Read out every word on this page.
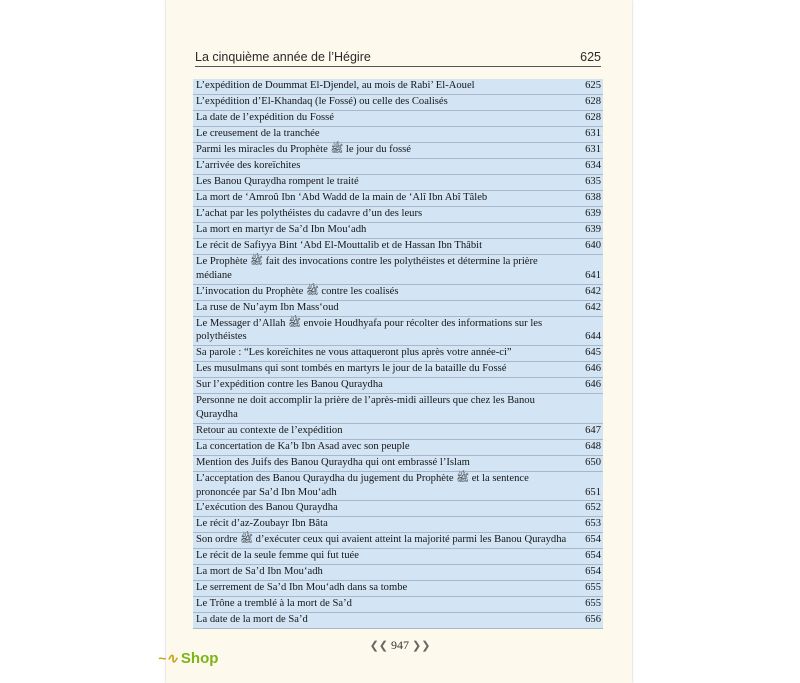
La cinquième année de l’Hégire	625
L’expédition de Doummat El-Djendel, au mois de Rabi’ El-Aouel	625
L’expédition d’El-Khandaq (le Fossé) ou celle des Coalisés	628
La date de l’expédition du Fossé	628
Le creusement de la tranchée	631
Parmi les miracles du Prophète ﷺ le jour du fossé	631
L’arrivée des koreïchites	634
Les Banou Quraydha rompent le traité	635
La mort de ‘Amroû Ibn ‘Abd Wadd de la main de ‘Alî Ibn Abî Tâleb	638
L’achat par les polythéistes du cadavre d’un des leurs	639
La mort en martyr de Sa’d Ibn Mou‘adh	639
Le récit de Safiyya Bint ‘Abd El-Mouttalib et de Hassan Ibn Thâbit	640
Le Prophète ﷺ fait des invocations contre les polythéistes et détermine la prière médiane	641
L’invocation du Prophète ﷺ contre les coalisés	642
La ruse de Nu’aym Ibn Mass‘oud	642
Le Messager d’Allah ﷺ envoie Houdhyafa pour récolter des informations sur les polythéistes	644
Sa parole : “Les koreïchites ne vous attaqueront plus après votre année-ci”	645
Les musulmans qui sont tombés en martyrs le jour de la bataille du Fossé	646
Sur l’expédition contre les Banou Quraydha	646
Personne ne doit accomplir la prière de l’après-midi ailleurs que chez les Banou Quraydha
Retour au contexte de l’expédition	647
La concertation de Ka’b Ibn Asad avec son peuple	648
Mention des Juifs des Banou Quraydha qui ont embrassé l’Islam	650
L’acceptation des Banou Quraydha du jugement du Prophète ﷺ et la sentence prononcée par Sa’d Ibn Mou‘adh	651
L’exécution des Banou Quraydha	652
Le récit d’az-Zoubayr Ibn Bâta	653
Son ordre ﷺ d’exécuter ceux qui avaient atteint la majorité parmi les Banou Quraydha	654
Le récit de la seule femme qui fut tuée	654
La mort de Sa’d Ibn Mou‘adh	654
Le serrement de Sa’d Ibn Mou‘adh dans sa tombe	655
Le Trône a tremblé à la mort de Sa’d	655
La date de la mort de Sa’d	656
❮❮ 947 ❯❯
~∿ Shop
